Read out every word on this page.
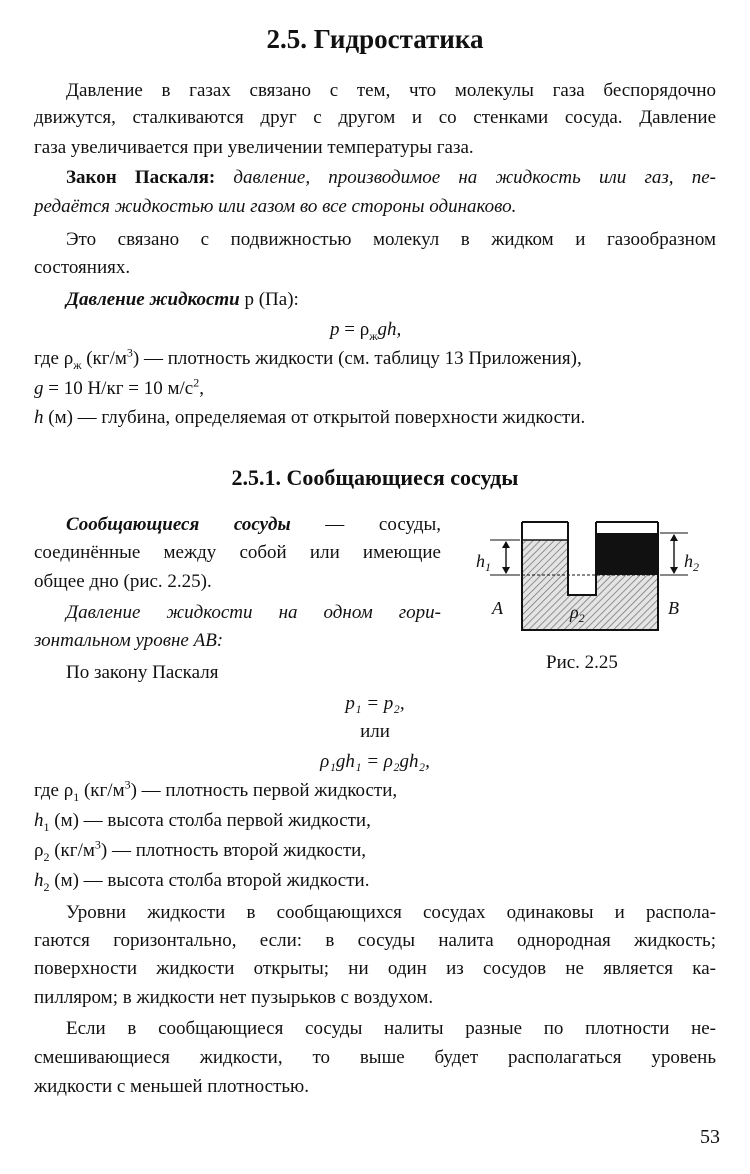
2.5. Гидростатика
Давление в газах связано с тем, что молекулы газа беспорядочно
движутся, сталкиваются друг с другом и со стенками сосуда. Давление
газа увеличивается при увеличении температуры газа.
Закон Паскаля: давление, производимое на жидкость или газ, пе-
редаётся жидкостью или газом во все стороны одинаково.
Это связано с подвижностью молекул в жидком и газообразном
состояниях.
Давление жидкости р (Па):
$p = \rho_жgh$,
где $\rho_ж$ $(кг/м^3)$ — плотность жидкости (см. таблицу 13 Приложения),
g = 10 Н/кг = 10 $м/с^2$,
h (м) — глубина, определяемая от открытой поверхности жидкости.
2.5.1. Сообщающиеся сосуды
Сообщающиеся сосуды — сосуды,
соединённые между собой или имеющие
общее дно (рис. 2.25).
Давление жидкости на одном гори-
зонтальном уровне AB:
По закону Паскаля
$h_1$	$h_2$
A	B
$\rho_2$
Рис. 2.25
p₁ = p₂,
или
ρ₁gh₁ = ρ₂gh₂,
где $\rho_1$ $(кг/м^3)$ — плотность первой жидкости,
$h_1$ (м) — высота столба первой жидкости,
$\rho_2$ $(кг/м^3)$ — плотность второй жидкости,
$h_2$ (м) — высота столба второй жидкости.
Уровни жидкости в сообщающихся сосудах одинаковы и распола-
гаются горизонтально, если: в сосуды налита однородная жидкость;
поверхности жидкости открыты; ни один из сосудов не является ка-
пилляром; в жидкости нет пузырьков с воздухом.
Если в сообщающиеся сосуды налиты разные по плотности не-
смешивающиеся жидкости, то выше будет располагаться уровень
жидкости с меньшей плотностью.
53
